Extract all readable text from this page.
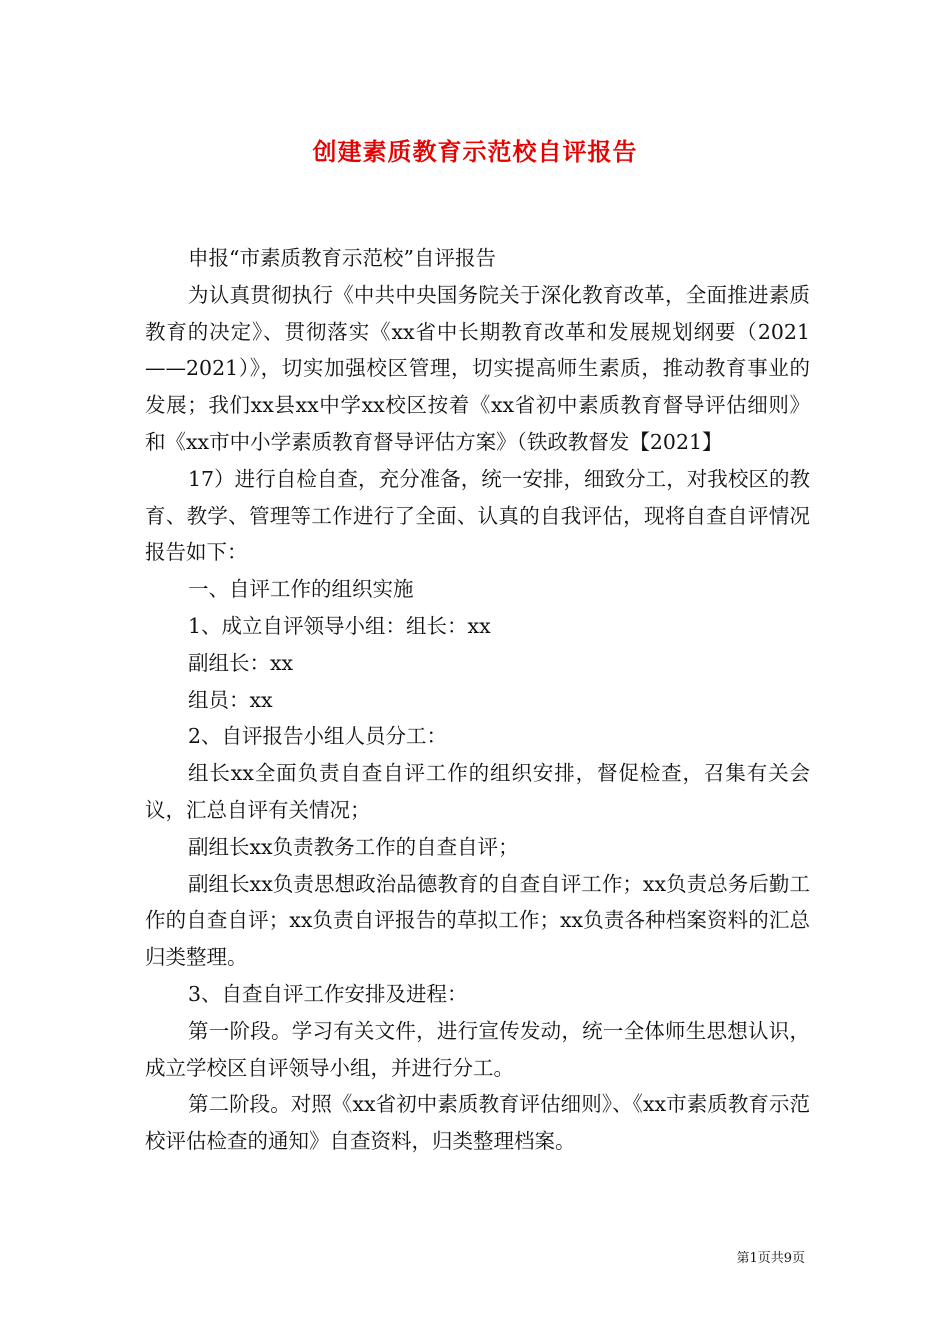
创建素质教育示范校自评报告

申报“市素质教育示范校”自评报告

为认真贯彻执行《中共中央国务院关于深化教育改革，全面推进素质教育的决定》、贯彻落实《xx省中长期教育改革和发展规划纲要（2021——2021）》，切实加强校区管理，切实提高师生素质，推动教育事业的发展；我们xx县xx中学xx校区按着《xx省初中素质教育督导评估细则》和《xx市中小学素质教育督导评估方案》（铁政教督发【2021】

17）进行自检自查，充分准备，统一安排，细致分工，对我校区的教育、教学、管理等工作进行了全面、认真的自我评估，现将自查自评情况报告如下：

一、自评工作的组织实施

1、成立自评领导小组：组长：xx

副组长：xx

组员：xx

2、自评报告小组人员分工：

组长xx全面负责自查自评工作的组织安排，督促检查，召集有关会议，汇总自评有关情况；

副组长xx负责教务工作的自查自评；

副组长xx负责思想政治品德教育的自查自评工作；xx负责总务后勤工作的自查自评；xx负责自评报告的草拟工作；xx负责各种档案资料的汇总归类整理。

3、自查自评工作安排及进程：

第一阶段。学习有关文件，进行宣传发动，统一全体师生思想认识，成立学校区自评领导小组，并进行分工。

第二阶段。对照《xx省初中素质教育评估细则》、《xx市素质教育示范校评估检查的通知》自查资料，归类整理档案。

第1页共9页
